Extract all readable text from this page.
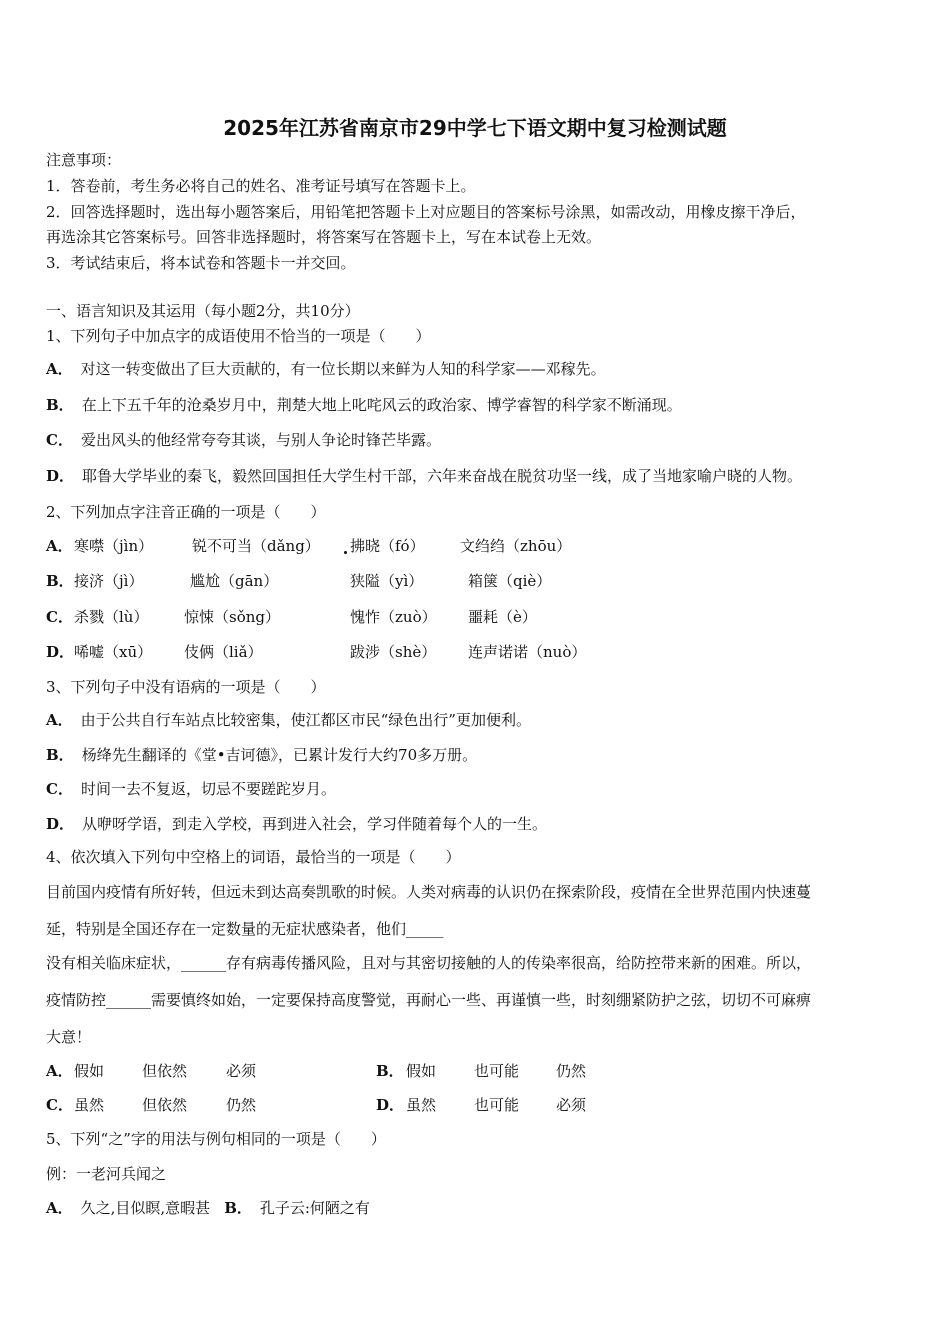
2025年江苏省南京市29中学七下语文期中复习检测试题
注意事项：
1．答卷前，考生务必将自己的姓名、准考证号填写在答题卡上。
2．回答选择题时，选出每小题答案后，用铅笔把答题卡上对应题目的答案标号涂黑，如需改动，用橡皮擦干净后，
再选涂其它答案标号。回答非选择题时，将答案写在答题卡上，写在本试卷上无效。
3．考试结束后，将本试卷和答题卡一并交回。
一、语言知识及其运用（每小题2分，共10分）
1、下列句子中加点字的成语使用不恰当的一项是（　　）
A． 对这一转变做出了巨大贡献的，有一位长期以来鲜为人知的科学家——邓稼先。
B． 在上下五千年的沧桑岁月中，荆楚大地上叱咤风云的政治家、博学睿智的科学家不断涌现。
C． 爱出风头的他经常夸夸其谈，与别人争论时锋芒毕露。
D． 耶鲁大学毕业的秦飞，毅然回国担任大学生村干部，六年来奋战在脱贫功坚一线，成了当地家喻户晓的人物。
2、下列加点字注音正确的一项是（　　）
A． 寒噤（jìn）	锐不可当（dǎng） 拂晓（fó） 文绉绉（zhōu）
B． 接济（jì）	尴尬（gān）	狭隘（yì）	箱箧（qiè）
C． 杀戮（lù） 惊悚（sǒng）	愧怍（zuò） 噩耗（è）
D． 唏嘘（xū） 伎俩（liǎ）	跋涉（shè） 连声诺诺（nuò）
3、下列句子中没有语病的一项是（　　）
A． 由于公共自行车站点比较密集，使江都区市民“绿色出行”更加便利。
B． 杨绛先生翻译的《堂•吉诃德》，已累计发行大约70多万册。
C． 时间一去不复返，切忌不要蹉跎岁月。
D． 从咿呀学语，到走入学校，再到进入社会，学习伴随着每个人的一生。
4、依次填入下列句中空格上的词语，最恰当的一项是（　　）
目前国内疫情有所好转，但远未到达高奏凯歌的时候。人类对病毒的认识仍在探索阶段，疫情在全世界范围内快速蔓
延，特别是全国还存在一定数量的无症状感染者，他们_____
没有相关临床症状，______存有病毒传播风险，且对与其密切接触的人的传染率很高，给防控带来新的困难。所以，
疫情防控______需要慎终如始，一定要保持高度警觉，再耐心一些、再谨慎一些，时刻绷紧防护之弦，切切不可麻痹
大意！
A． 假如	但依然	必须	B． 假如	也可能 仍然
C． 虽然	但依然	仍然	D． 虽然	也可能 必须
5、下列“之”字的用法与例句相同的一项是（　　）
例：一老河兵闻之
A． 久之,目似瞑,意暇甚 B． 孔子云:何陋之有
